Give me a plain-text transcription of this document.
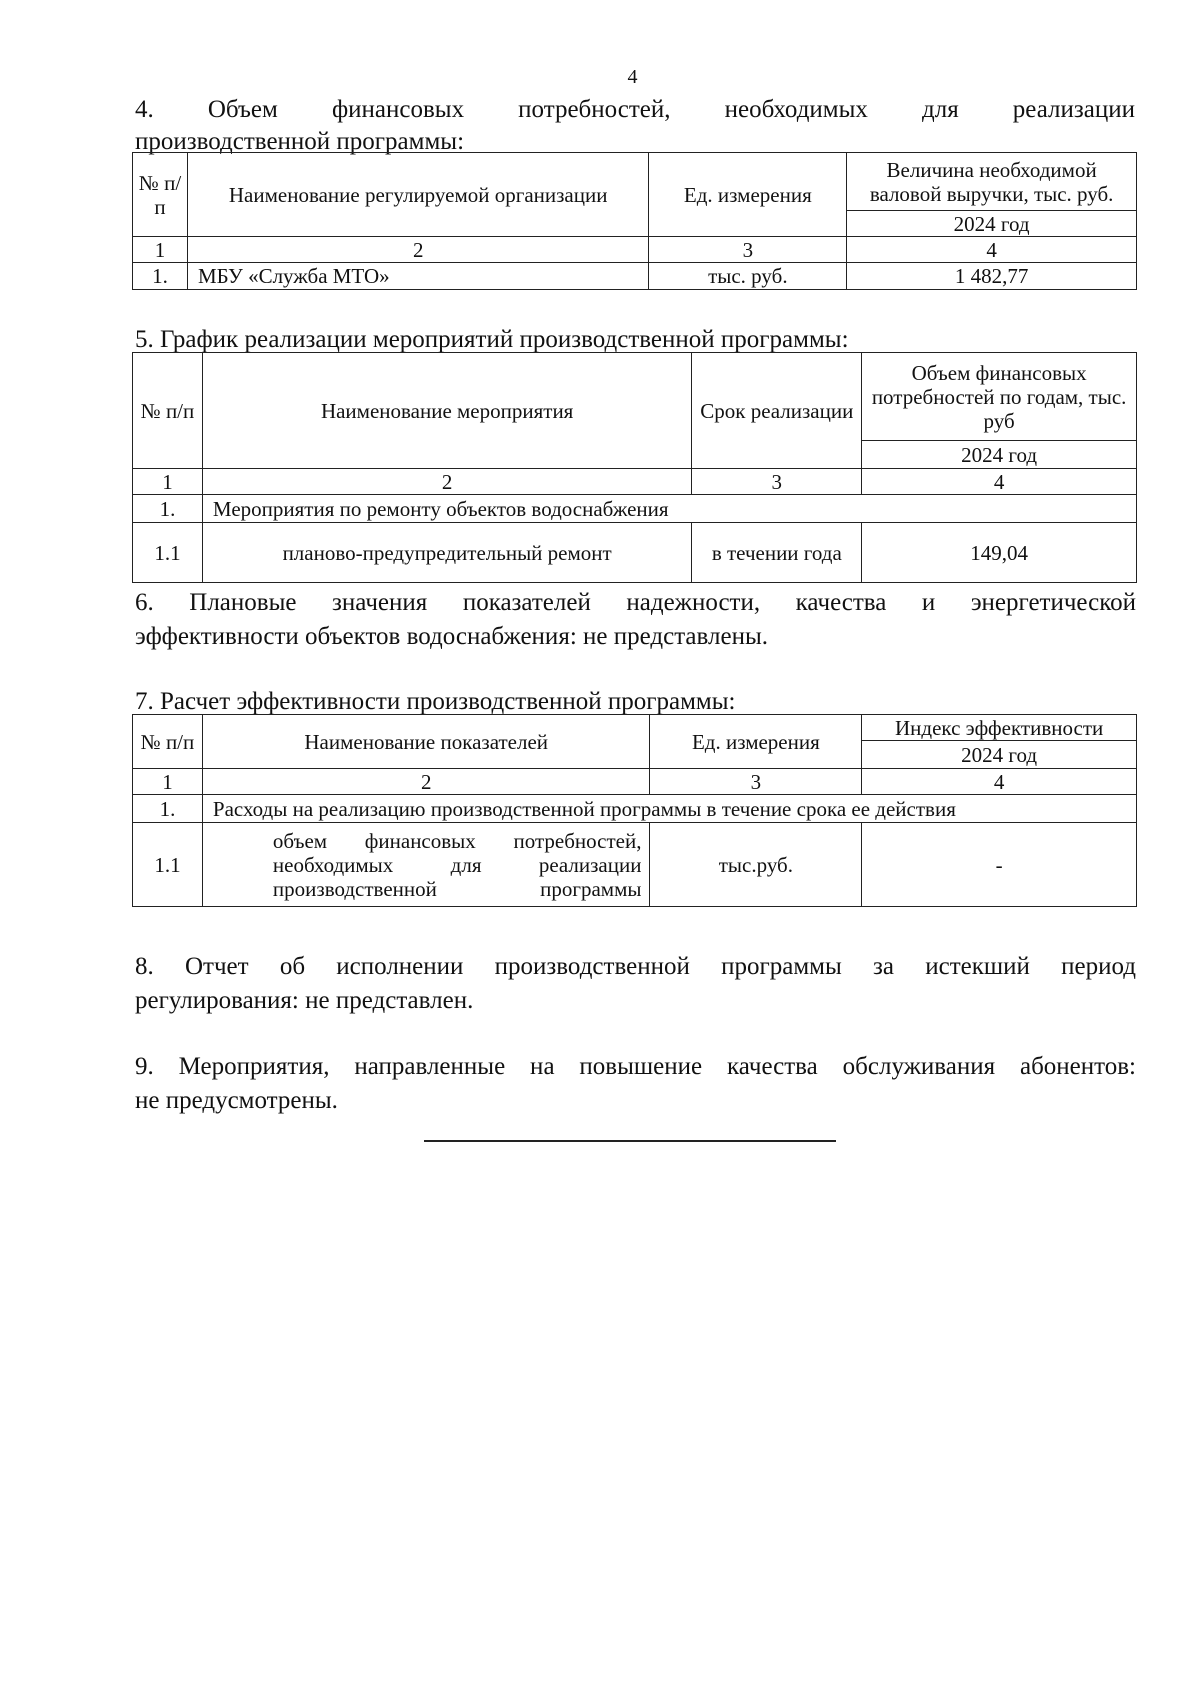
4
4. Объем финансовых потребностей, необходимых для реализации
производственной программы:
№ п/п	Наименование регулируемой организации	Ед. измерения	Величина необходимой валовой выручки, тыс. руб.
			2024 год
1	2	3	4
1.	МБУ «Служба МТО»	тыс. руб.	1 482,77
5. График реализации мероприятий производственной программы:
№ п/п	Наименование мероприятия	Срок реализации	Объем финансовых потребностей по годам, тыс. руб
			2024 год
1	2	3	4
1.	Мероприятия по ремонту объектов водоснабжения		
1.1	планово-предупредительный ремонт	в течении года	149,04
6. Плановые значения показателей надежности, качества и энергетической
эффективности объектов водоснабжения: не представлены.
7. Расчет эффективности производственной программы:
№ п/п	Наименование показателей	Ед. измерения	Индекс эффективности
			2024 год
1	2	3	4
1.	Расходы на реализацию производственной программы в течение срока ее действия		
1.1	объем финансовых потребностей, необходимых для реализации производственной программы	тыс.руб.	-
8. Отчет об исполнении производственной программы за истекший период
регулирования: не представлен.
9. Мероприятия, направленные на повышение качества обслуживания абонентов:
не предусмотрены.
